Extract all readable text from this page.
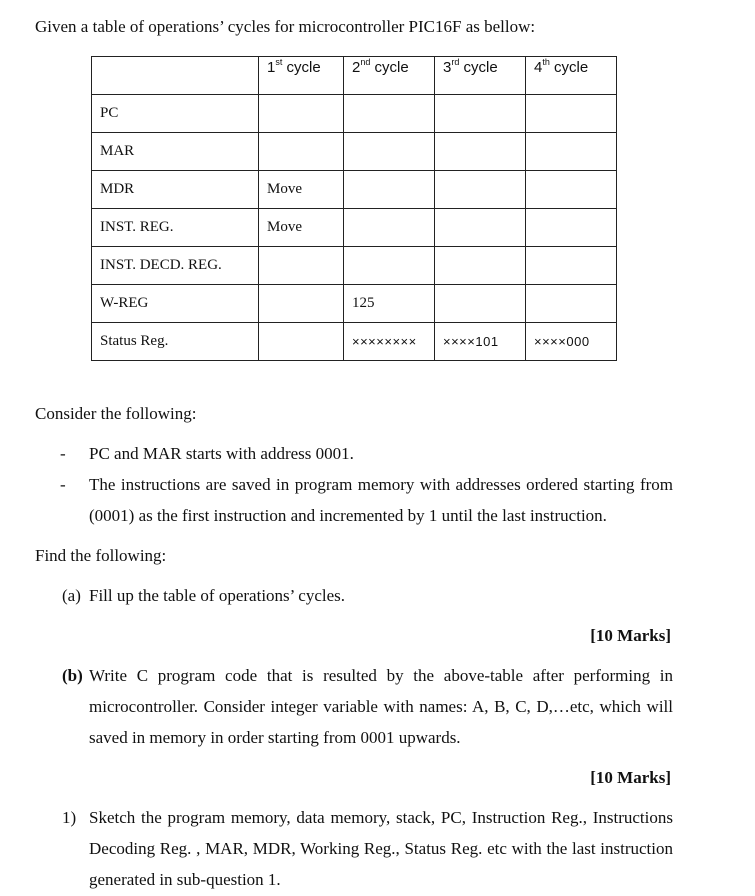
Given a table of operations’ cycles for microcontroller PIC16F as bellow:
	1st cycle	2nd cycle	3rd cycle	4th cycle
PC				
MAR				
MDR	Move			
INST. REG.	Move			
INST. DECD. REG.				
W-REG		125		
Status Reg.		××××××××	××××101	××××000
Consider the following:
- PC and MAR starts with address 0001.
- The instructions are saved in program memory with addresses ordered starting from (0001) as the first instruction and incremented by 1 until the last instruction.
Find the following:
(a) Fill up the table of operations’ cycles.
[10 Marks]
(b) Write C program code that is resulted by the above-table after performing in microcontroller. Consider integer variable with names: A, B, C, D,…etc, which will saved in memory in order starting from 0001 upwards.
[10 Marks]
1) Sketch the program memory, data memory, stack, PC, Instruction Reg., Instructions Decoding Reg. , MAR, MDR, Working Reg., Status Reg. etc with the last instruction generated in sub-question 1.
